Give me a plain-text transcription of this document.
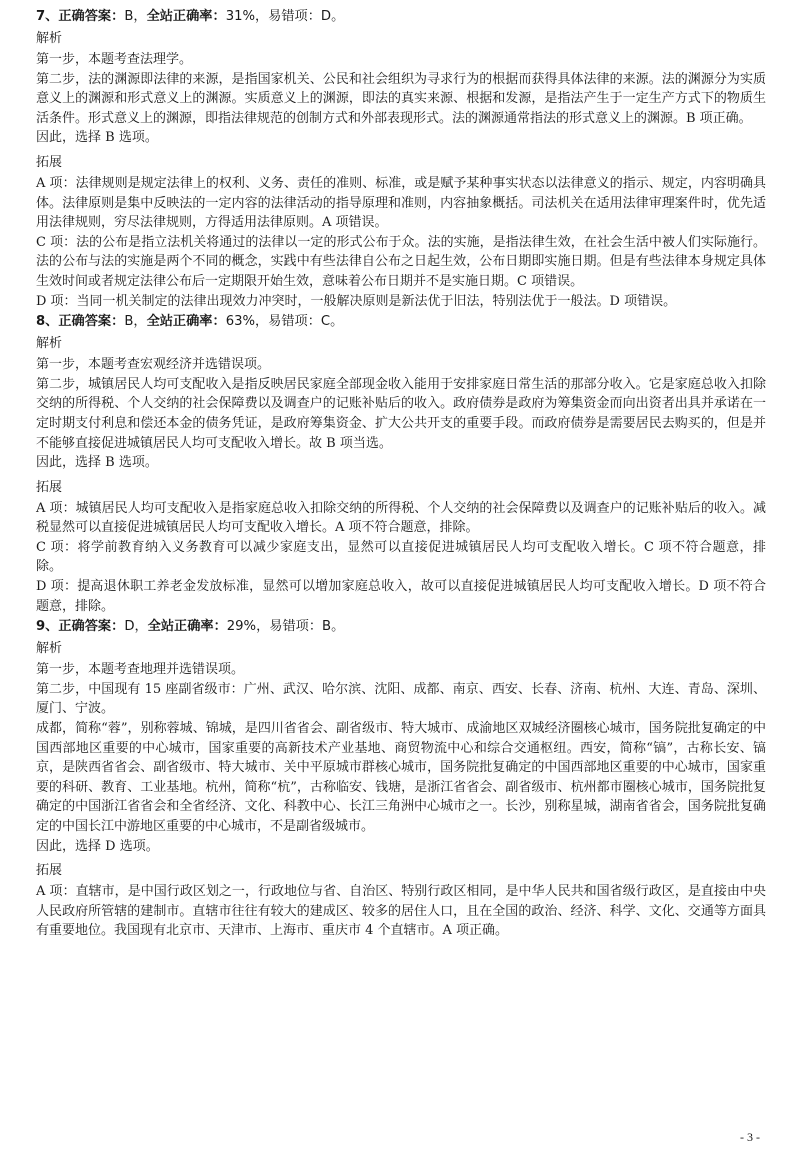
7、正确答案：B，全站正确率：31%，易错项：D。

解析

第一步，本题考查法理学。

第二步，法的渊源即法律的来源，是指国家机关、公民和社会组织为寻求行为的根据而获得具体法律的来源。法的渊源分为实质意义上的渊源和形式意义上的渊源。实质意义上的渊源，即法的真实来源、根据和发源，是指法产生于一定生产方式下的物质生活条件。形式意义上的渊源，即指法律规范的创制方式和外部表现形式。法的渊源通常指法的形式意义上的渊源。B 项正确。

因此，选择 B 选项。

拓展

A 项：法律规则是规定法律上的权利、义务、责任的准则、标准，或是赋予某种事实状态以法律意义的指示、规定，内容明确具体。法律原则是集中反映法的一定内容的法律活动的指导原理和准则，内容抽象概括。司法机关在适用法律审理案件时，优先适用法律规则，穷尽法律规则，方得适用法律原则。A 项错误。

C 项：法的公布是指立法机关将通过的法律以一定的形式公布于众。法的实施，是指法律生效，在社会生活中被人们实际施行。法的公布与法的实施是两个不同的概念，实践中有些法律自公布之日起生效，公布日期即实施日期。但是有些法律本身规定具体生效时间或者规定法律公布后一定期限开始生效，意味着公布日期并不是实施日期。C 项错误。

D 项：当同一机关制定的法律出现效力冲突时，一般解决原则是新法优于旧法，特别法优于一般法。D 项错误。

8、正确答案：B，全站正确率：63%，易错项：C。

解析

第一步，本题考查宏观经济并选错误项。

第二步，城镇居民人均可支配收入是指反映居民家庭全部现金收入能用于安排家庭日常生活的那部分收入。它是家庭总收入扣除交纳的所得税、个人交纳的社会保障费以及调查户的记账补贴后的收入。政府债券是政府为筹集资金而向出资者出具并承诺在一定时期支付利息和偿还本金的债务凭证，是政府筹集资金、扩大公共开支的重要手段。而政府债券是需要居民去购买的，但是并不能够直接促进城镇居民人均可支配收入增长。故 B 项当选。

因此，选择 B 选项。

拓展

A 项：城镇居民人均可支配收入是指家庭总收入扣除交纳的所得税、个人交纳的社会保障费以及调查户的记账补贴后的收入。减税显然可以直接促进城镇居民人均可支配收入增长。A 项不符合题意，排除。

C 项：将学前教育纳入义务教育可以减少家庭支出，显然可以直接促进城镇居民人均可支配收入增长。C 项不符合题意，排除。

D 项：提高退休职工养老金发放标准，显然可以增加家庭总收入，故可以直接促进城镇居民人均可支配收入增长。D 项不符合题意，排除。

9、正确答案：D，全站正确率：29%，易错项：B。

解析

第一步，本题考查地理并选错误项。

第二步，中国现有 15 座副省级市：广州、武汉、哈尔滨、沈阳、成都、南京、西安、长春、济南、杭州、大连、青岛、深圳、厦门、宁波。

成都，简称“蓉”，别称蓉城、锦城，是四川省省会、副省级市、特大城市、成渝地区双城经济圈核心城市，国务院批复确定的中国西部地区重要的中心城市，国家重要的高新技术产业基地、商贸物流中心和综合交通枢纽。西安，简称“镐”，古称长安、镐京，是陕西省省会、副省级市、特大城市、关中平原城市群核心城市，国务院批复确定的中国西部地区重要的中心城市，国家重要的科研、教育、工业基地。杭州，简称“杭”，古称临安、钱塘，是浙江省省会、副省级市、杭州都市圈核心城市，国务院批复确定的中国浙江省省会和全省经济、文化、科教中心、长江三角洲中心城市之一。长沙，别称星城，湖南省省会，国务院批复确定的中国长江中游地区重要的中心城市，不是副省级城市。

因此，选择 D 选项。

拓展

A 项：直辖市，是中国行政区划之一，行政地位与省、自治区、特别行政区相同，是中华人民共和国省级行政区，是直接由中央人民政府所管辖的建制市。直辖市往往有较大的建成区、较多的居住人口，且在全国的政治、经济、科学、文化、交通等方面具有重要地位。我国现有北京市、天津市、上海市、重庆市 4 个直辖市。A 项正确。

- 3 -
